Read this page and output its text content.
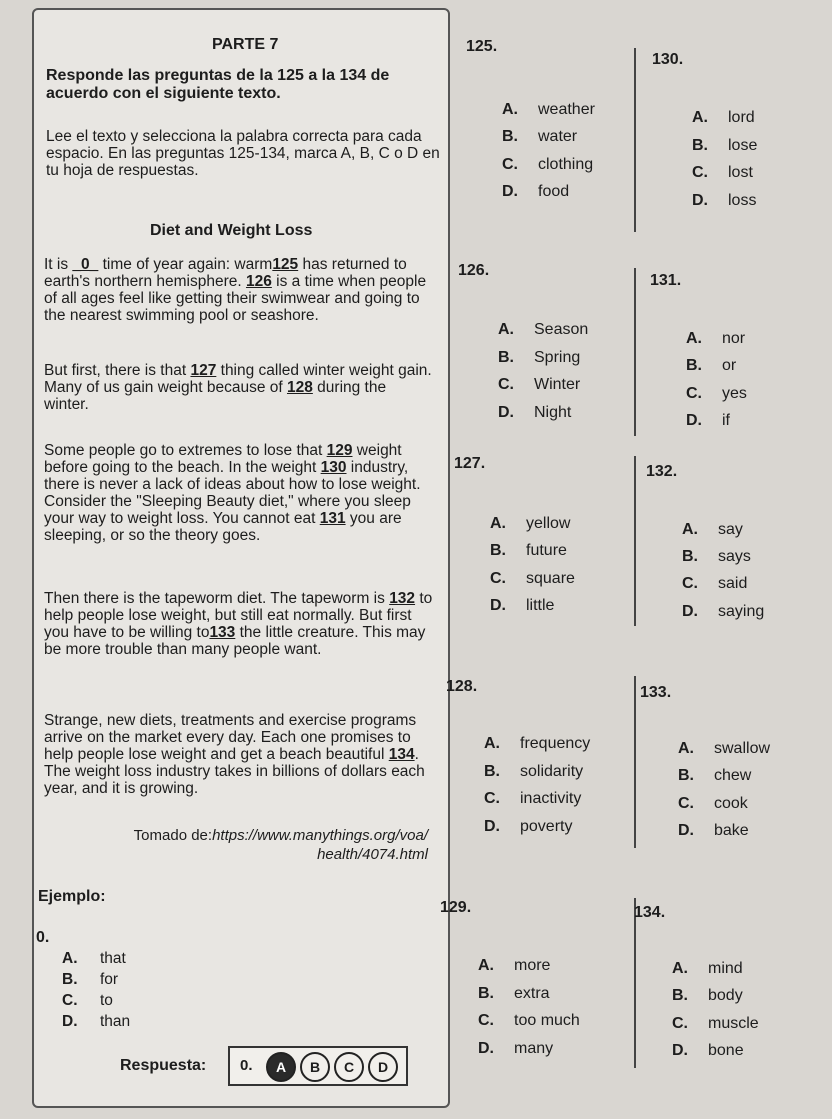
PARTE 7
Responde las preguntas de la 125 a la 134 de acuerdo con el siguiente texto.
Lee el texto y selecciona la palabra correcta para cada espacio. En las preguntas 125-134, marca A, B, C o D en tu hoja de respuestas.
Diet and Weight Loss
It is _0_ time of year again: warm125 has returned to earth's northern hemisphere. 126 is a time when people of all ages feel like getting their swimwear and going to the nearest swimming pool or seashore.
But first, there is that 127 thing called winter weight gain. Many of us gain weight because of 128 during the winter.
Some people go to extremes to lose that 129 weight before going to the beach. In the weight 130 industry, there is never a lack of ideas about how to lose weight. Consider the "Sleeping Beauty diet," where you sleep your way to weight loss. You cannot eat 131 you are sleeping, or so the theory goes.
Then there is the tapeworm diet. The tapeworm is 132 to help people lose weight, but still eat normally. But first you have to be willing to133 the little creature. This may be more trouble than many people want.
Strange, new diets, treatments and exercise programs arrive on the market every day. Each one promises to help people lose weight and get a beach beautiful 134. The weight loss industry takes in billions of dollars each year, and it is growing.
Tomado de:https://www.manythings.org/voa/
health/4074.html
Ejemplo:
0.
A. that
B. for
C. to
D. than
Respuesta: 0.	A	B	C	D
125.
A. weather
B. water
C. clothing
D. food
126.
A. Season
B. Spring
C. Winter
D. Night
127.
A. yellow
B. future
C. square
D. little
128.
A. frequency
B. solidarity
C. inactivity
D. poverty
129.
A. more
B. extra
C. too much
D. many
130.
A. lord
B. lose
C. lost
D. loss
131.
A. nor
B. or
C. yes
D. if
132.
A. say
B. says
C. said
D. saying
133.
A. swallow
B. chew
C. cook
D. bake
134.
A. mind
B. body
C. muscle
D. bone
